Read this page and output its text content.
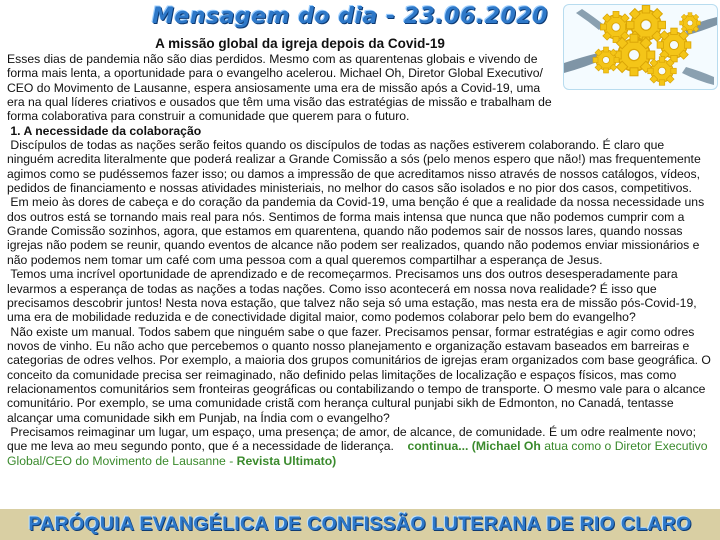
Mensagem do dia - 23.06.2020
A missão global da igreja depois da Covid-19

Esses dias de pandemia não são dias perdidos. Mesmo com as quarentenas globais e vivendo de forma mais lenta, a oportunidade para o evangelho acelerou. Michael Oh, Diretor Global Executivo/ CEO do Movimento de Lausanne, espera ansiosamente uma era de missão após a Covid-19, uma era na qual líderes criativos e ousados que têm uma visão das estratégias de missão e trabalham de forma colaborativa para construir a comunidade que querem para o futuro.

1. A necessidade da colaboração

Discípulos de todas as nações serão feitos quando os discípulos de todas as nações estiverem colaborando. É claro que ninguém acredita literalmente que poderá realizar a Grande Comissão a sós (pelo menos espero que não!) mas frequentemente agimos como se pudéssemos fazer isso; ou damos a impressão de que acreditamos nisso através de nossos catálogos, vídeos, pedidos de financiamento e nossas atividades ministeriais, no melhor do casos são isolados e no pior dos casos, competitivos.

Em meio às dores de cabeça e do coração da pandemia da Covid-19, uma benção é que a realidade da nossa necessidade uns dos outros está se tornando mais real para nós. Sentimos de forma mais intensa que nunca que não podemos cumprir com a Grande Comissão sozinhos, agora, que estamos em quarentena, quando não podemos sair de nossos lares, quando nossas igrejas não podem se reunir, quando eventos de alcance não podem ser realizados, quando não podemos enviar missionários e não podemos nem tomar um café com uma pessoa com a qual queremos compartilhar a esperança de Jesus.

Temos uma incrível oportunidade de aprendizado e de recomeçarmos. Precisamos uns dos outros desesperadamente para levarmos a esperança de todas as nações a todas nações. Como isso acontecerá em nossa nova realidade? É isso que precisamos descobrir juntos! Nesta nova estação, que talvez não seja só uma estação, mas nesta era de missão pós-Covid-19, uma era de mobilidade reduzida e de conectividade digital maior, como podemos colaborar pelo bem do evangelho?

Não existe um manual. Todos sabem que ninguém sabe o que fazer. Precisamos pensar, formar estratégias e agir como odres novos de vinho. Eu não acho que percebemos o quanto nosso planejamento e organização estavam baseados em barreiras e categorias de odres velhos. Por exemplo, a maioria dos grupos comunitários de igrejas eram organizados com base geográfica. O conceito da comunidade precisa ser reimaginado, não definido pelas limitações de localização e espaços físicos, mas como relacionamentos comunitários sem fronteiras geográficas ou contabilizando o tempo de transporte. O mesmo vale para o alcance comunitário. Por exemplo, se uma comunidade cristã com herança cultural punjabi sikh de Edmonton, no Canadá, tentasse alcançar uma comunidade sikh em Punjab, na Índia com o evangelho?

Precisamos reimaginar um lugar, um espaço, uma presença; de amor, de alcance, de comunidade. É um odre realmente novo; que me leva ao meu segundo ponto, que é a necessidade de liderança. continua... (Michael Oh atua como o Diretor Executivo Global/CEO do Movimento de Lausanne - Revista Ultimato)

PARÓQUIA EVANGÉLICA DE CONFISSÃO LUTERANA DE RIO CLARO
